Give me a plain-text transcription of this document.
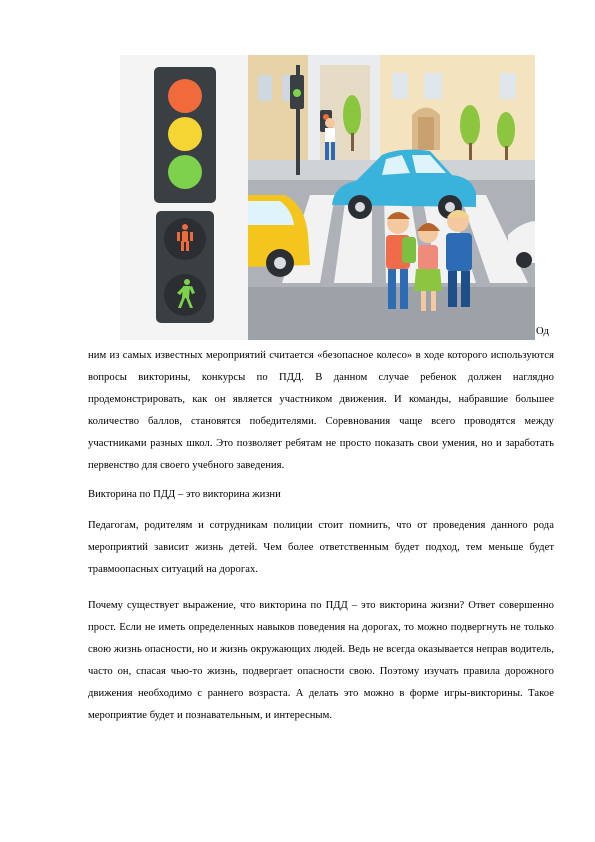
Од
ним из самых известных мероприятий считается «безопасное колесо» в ходе которого используются вопросы викторины, конкурсы по ПДД. В данном случае ребенок должен наглядно продемонстрировать, как он является участником движения. И команды, набравшие большее количество баллов, становятся победителями. Соревнования чаще всего проводятся между участниками разных школ. Это позволяет ребятам не просто показать свои умения, но и заработать первенство для своего учебного заведения.
Викторина по ПДД – это викторина жизни
Педагогам, родителям и сотрудникам полиции стоит помнить, что от проведения данного рода мероприятий зависит жизнь детей. Чем более ответственным будет подход, тем меньше будет травмоопасных ситуаций на дорогах.
Почему существует выражение, что викторина по ПДД – это викторина жизни? Ответ совершенно прост. Если не иметь определенных навыков поведения на дорогах, то можно подвергнуть не только свою жизнь опасности, но и жизнь окружающих людей. Ведь не всегда оказывается неправ водитель, часто он, спасая чью-то жизнь, подвергает опасности свою. Поэтому изучать правила дорожного движения необходимо с раннего возраста. А делать это можно в форме игры-викторины. Такое мероприятие будет и познавательным, и интересным.
